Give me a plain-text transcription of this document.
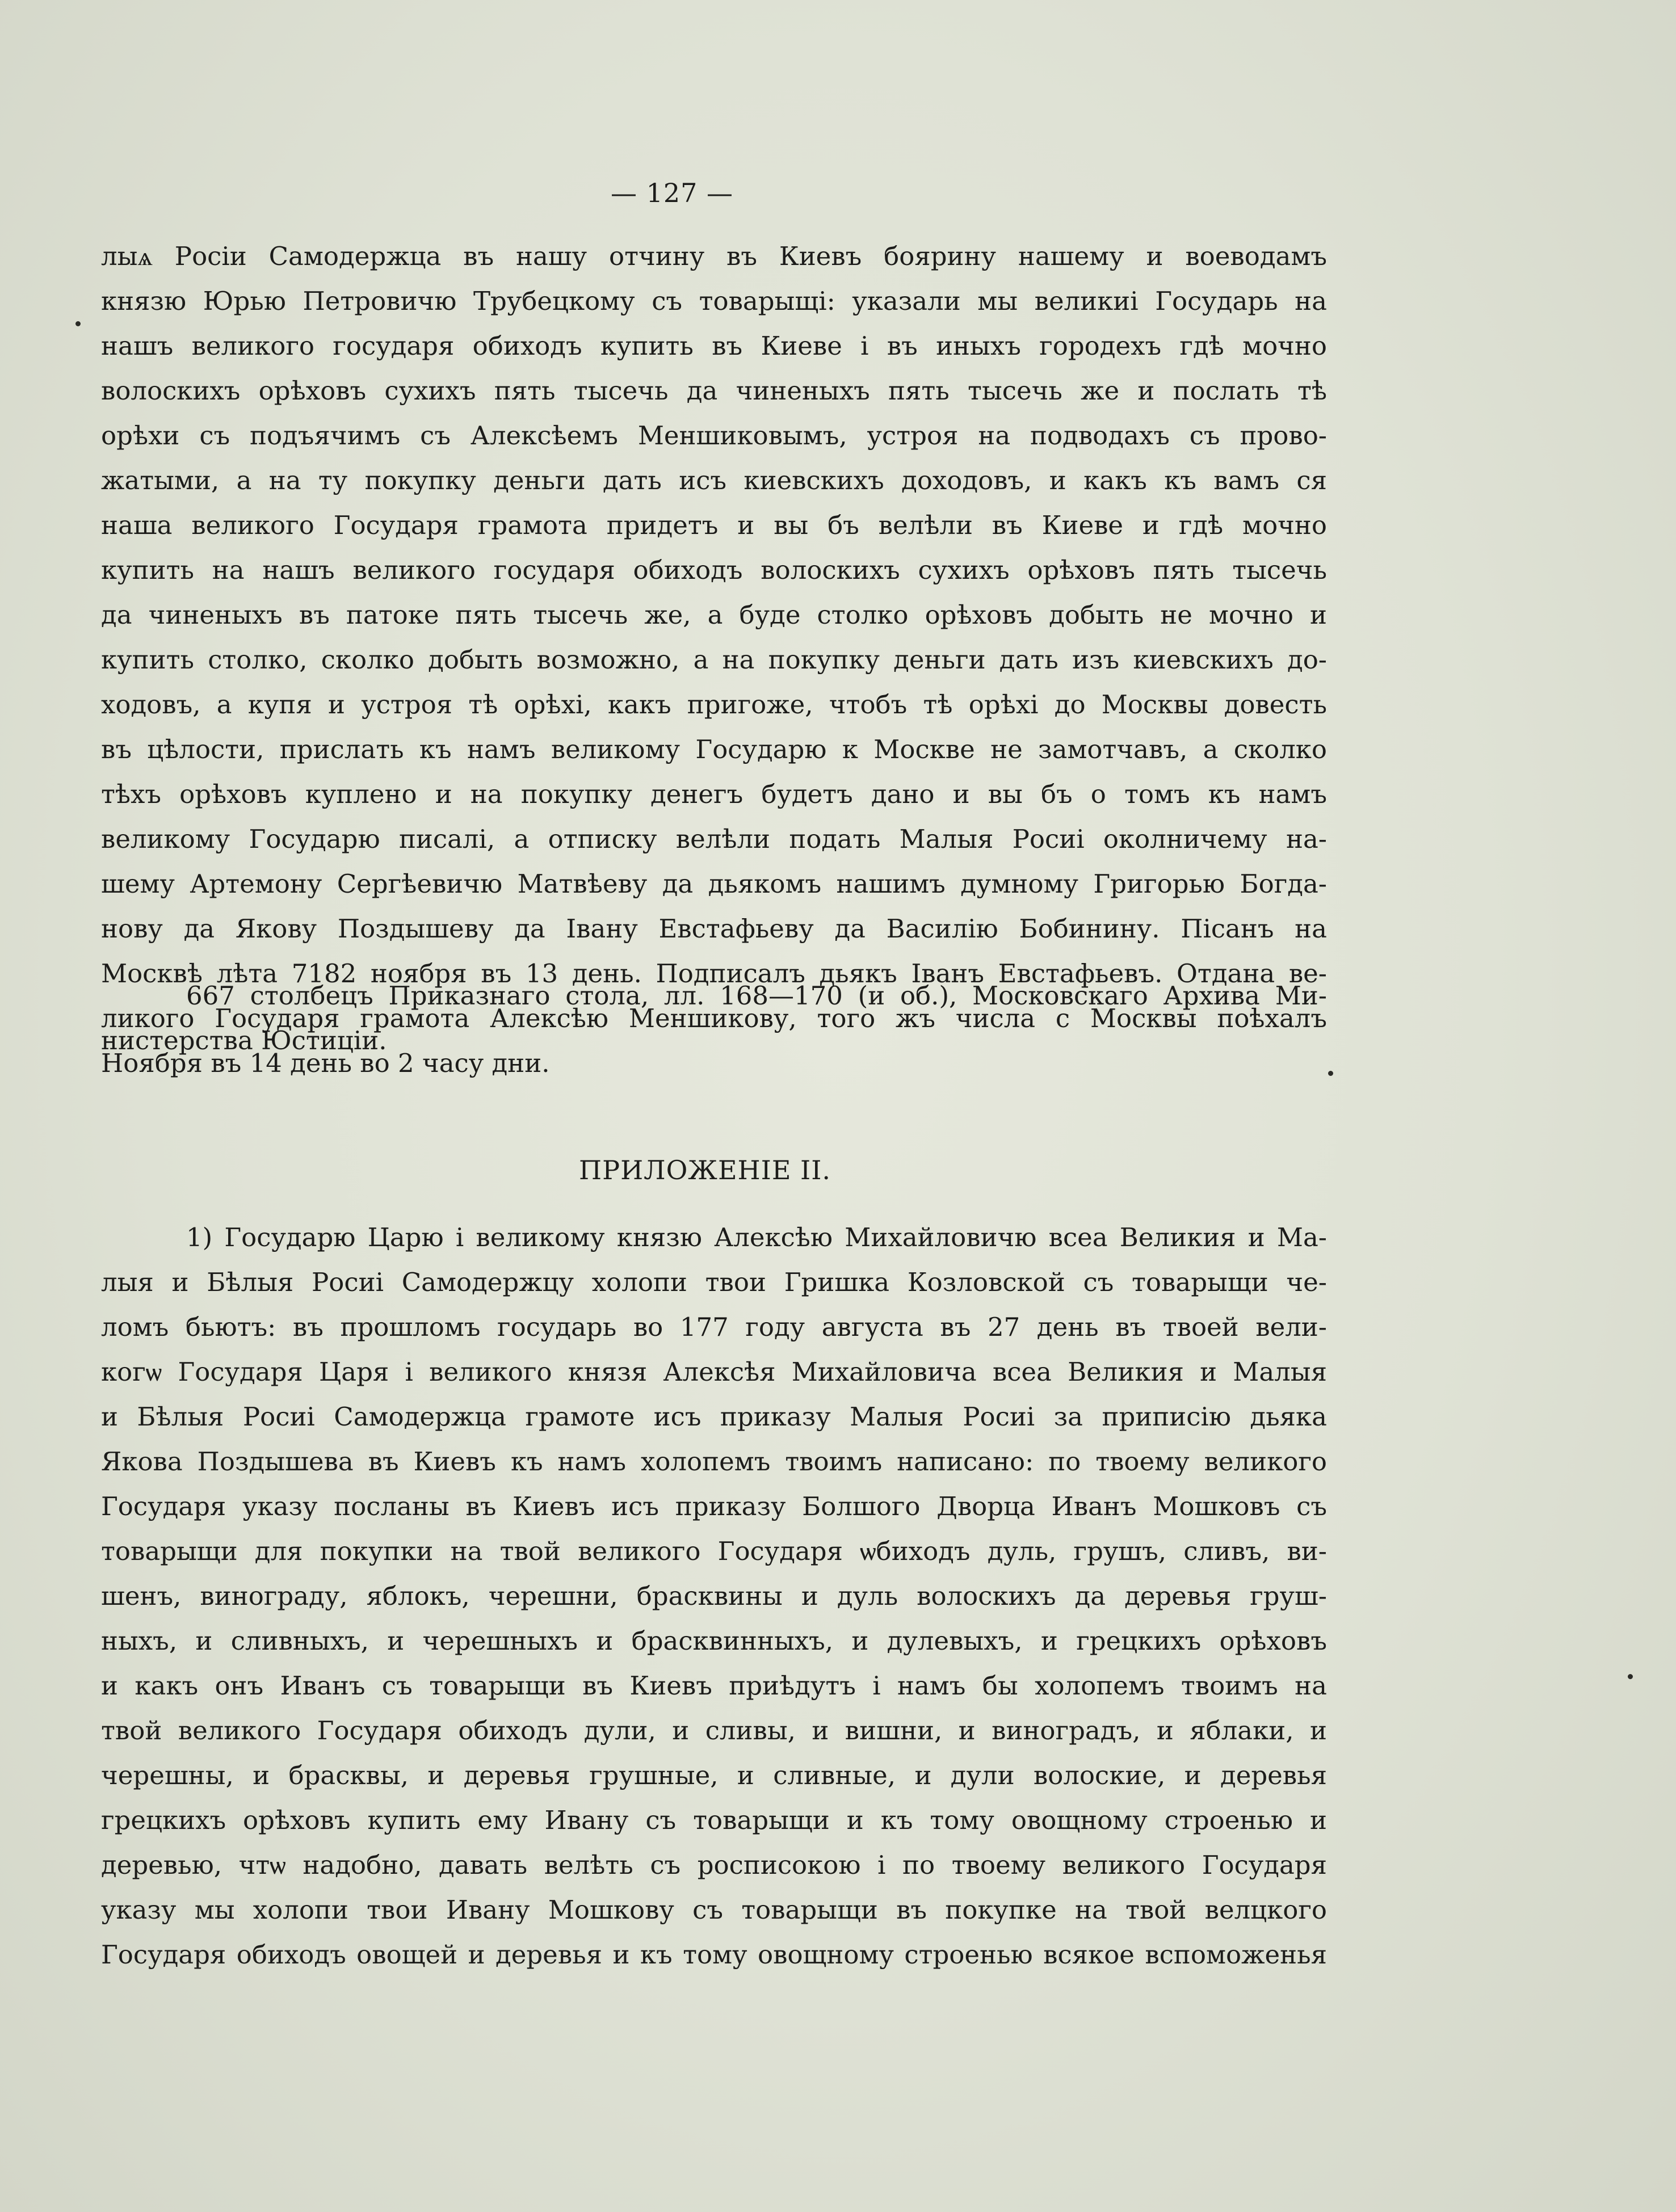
— 127 —
лыѧ Росіи Самодержца въ нашу отчину въ Киевъ боярину нашему и воеводамъ
князю Юрью Петровичю Трубецкому съ товарыщі: указали мы великиі Государь на
нашъ великого государя обиходъ купить въ Киеве і въ иныхъ городехъ гдѣ мочно
волоскихъ орѣховъ сухихъ пять тысечь да чиненыхъ пять тысечь же и послать тѣ
орѣхи съ подъячимъ съ Алексѣемъ Меншиковымъ, устроя на подводахъ съ прово-
жатыми, а на ту покупку деньги дать исъ киевскихъ доходовъ, и какъ къ вамъ ся
наша великого Государя грамота придетъ и вы бъ велѣли въ Киеве и гдѣ мочно
купить на нашъ великого государя обиходъ волоскихъ сухихъ орѣховъ пять тысечь
да чиненыхъ въ патоке пять тысечь же, а буде столко орѣховъ добыть не мочно и
купить столко, сколко добыть возможно, а на покупку деньги дать изъ киевскихъ до-
ходовъ, а купя и устроя тѣ орѣхі, какъ пригоже, чтобъ тѣ орѣхі до Москвы довесть
въ цѣлости, прислать къ намъ великому Государю к Москве не замотчавъ, а сколко
тѣхъ орѣховъ куплено и на покупку денегъ будетъ дано и вы бъ о томъ къ намъ
великому Государю писалі, а отписку велѣли подать Малыя Росиі околничему на-
шему Артемону Сергѣевичю Матвѣеву да дьякомъ нашимъ думному Григорью Богда-
нову да Якову Поздышеву да Івану Евстафьеву да Василію Бобинину. Пісанъ на
Москвѣ лѣта 7182 ноября въ 13 день. Подписалъ дьякъ Іванъ Евстафьевъ. Отдана ве-
ликого Государя грамота Алексѣю Меншикову, того жъ числа с Москвы поѣхалъ
Ноября въ 14 день во 2 часу дни.
667 столбецъ Приказнаго стола, лл. 168—170 (и об.), Московскаго Архива Ми-
нистерства Юстиціи.
ПРИЛОЖЕНІЕ II.
1) Государю Царю і великому князю Алексѣю Михайловичю всеа Великия и Ма-
лыя и Бѣлыя Росиі Самодержцу холопи твои Гришка Козловской съ товарыщи че-
ломъ бьютъ: въ прошломъ государь во 177 году августа въ 27 день въ твоей вели-
когѡ Государя Царя і великого князя Алексѣя Михайловича всеа Великия и Малыя
и Бѣлыя Росиі Самодержца грамоте исъ приказу Малыя Росиі за приписію дьяка
Якова Поздышева въ Киевъ къ намъ холопемъ твоимъ написано: по твоему великого
Государя указу посланы въ Киевъ исъ приказу Болшого Дворца Иванъ Мошковъ съ
товарыщи для покупки на твой великого Государя ѡбиходъ дуль, грушъ, сливъ, ви-
шенъ, винограду, яблокъ, черешни, брасквины и дуль волоскихъ да деревья груш-
ныхъ, и сливныхъ, и черешныхъ и брасквинныхъ, и дулевыхъ, и грецкихъ орѣховъ
и какъ онъ Иванъ съ товарыщи въ Киевъ приѣдутъ і намъ бы холопемъ твоимъ на
твой великого Государя обиходъ дули, и сливы, и вишни, и виноградъ, и яблаки, и
черешны, и брасквы, и деревья грушные, и сливные, и дули волоские, и деревья
грецкихъ орѣховъ купить ему Ивану съ товарыщи и къ тому овощному строенью и
деревью, чтѡ надобно, давать велѣть съ росписокою і по твоему великого Государя
указу мы холопи твои Ивану Мошкову съ товарыщи въ покупке на твой велцкого
Государя обиходъ овощей и деревья и къ тому овощному строенью всякое вспоможенья
